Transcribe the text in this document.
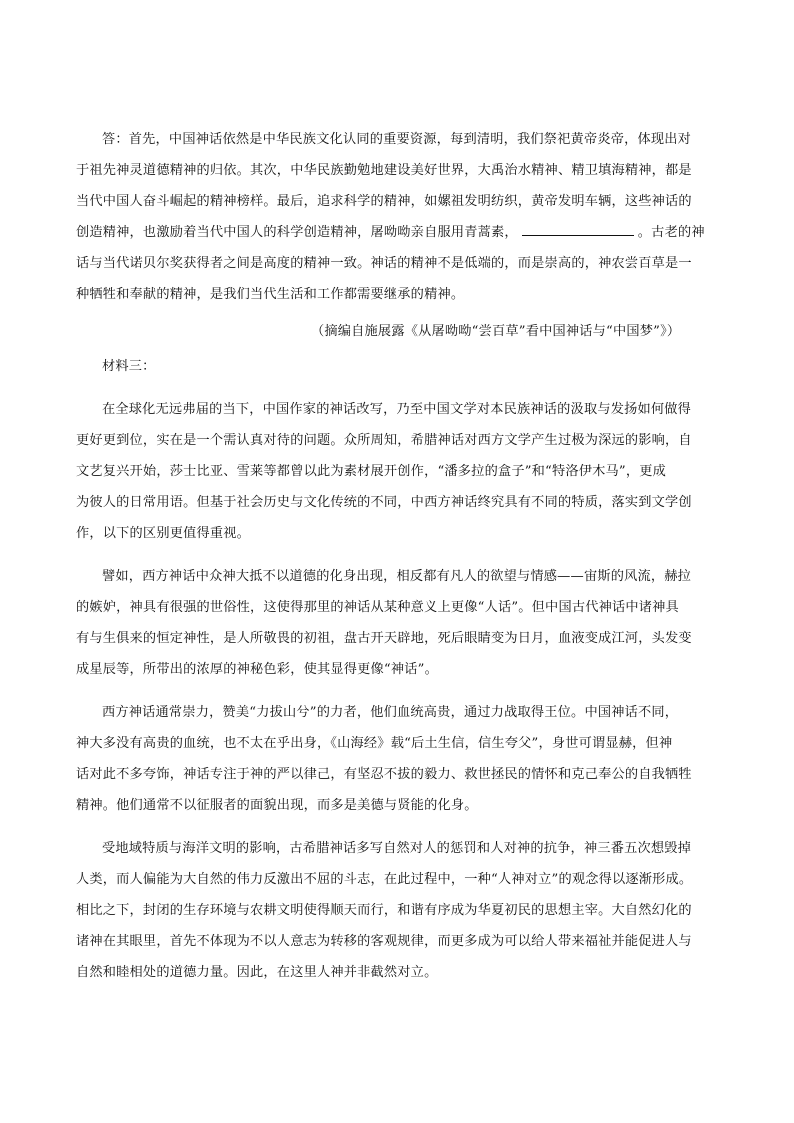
答：首先，中国神话依然是中华民族文化认同的重要资源，每到清明，我们祭祀黄帝炎帝，体现出对
于祖先神灵道德精神的归依。其次，中华民族勤勉地建设美好世界，大禹治水精神、精卫填海精神，都是
当代中国人奋斗崛起的精神榜样。最后，追求科学的精神，如嫘祖发明纺织，黄帝发明车辆，这些神话的
创造精神，也激励着当代中国人的科学创造精神，屠呦呦亲自服用青蒿素，	。古老的神
话与当代诺贝尔奖获得者之间是高度的精神一致。神话的精神不是低端的，而是崇高的，神农尝百草是一
种牺牲和奉献的精神，是我们当代生活和工作都需要继承的精神。
（摘编自施展露《从屠呦呦“尝百草”看中国神话与“中国梦”》）
材料三：
在全球化无远弗届的当下，中国作家的神话改写，乃至中国文学对本民族神话的汲取与发扬如何做得
更好更到位，实在是一个需认真对待的问题。众所周知，希腊神话对西方文学产生过极为深远的影响，自
文艺复兴开始，莎士比亚、雪莱等都曾以此为素材展开创作，“潘多拉的盒子”和“特洛伊木马”，更成
为彼人的日常用语。但基于社会历史与文化传统的不同，中西方神话终究具有不同的特质，落实到文学创
作，以下的区别更值得重视。
譬如，西方神话中众神大抵不以道德的化身出现，相反都有凡人的欲望与情感——宙斯的风流，赫拉
的嫉妒，神具有很强的世俗性，这使得那里的神话从某种意义上更像“人话”。但中国古代神话中诸神具
有与生俱来的恒定神性，是人所敬畏的初祖，盘古开天辟地，死后眼睛变为日月，血液变成江河，头发变
成星辰等，所带出的浓厚的神秘色彩，使其显得更像“神话”。
西方神话通常崇力，赞美“力拔山兮”的力者，他们血统高贵，通过力战取得王位。中国神话不同，
神大多没有高贵的血统，也不太在乎出身，《山海经》载“后土生信，信生夸父”，身世可谓显赫，但神
话对此不多夸饰，神话专注于神的严以律己，有坚忍不拔的毅力、救世拯民的情怀和克己奉公的自我牺牲
精神。他们通常不以征服者的面貌出现，而多是美德与贤能的化身。
受地域特质与海洋文明的影响，古希腊神话多写自然对人的惩罚和人对神的抗争，神三番五次想毁掉
人类，而人偏能为大自然的伟力反激出不屈的斗志，在此过程中，一种“人神对立”的观念得以逐渐形成。
相比之下，封闭的生存环境与农耕文明使得顺天而行，和谐有序成为华夏初民的思想主宰。大自然幻化的
诸神在其眼里，首先不体现为不以人意志为转移的客观规律，而更多成为可以给人带来福祉并能促进人与
自然和睦相处的道德力量。因此，在这里人神并非截然对立。
